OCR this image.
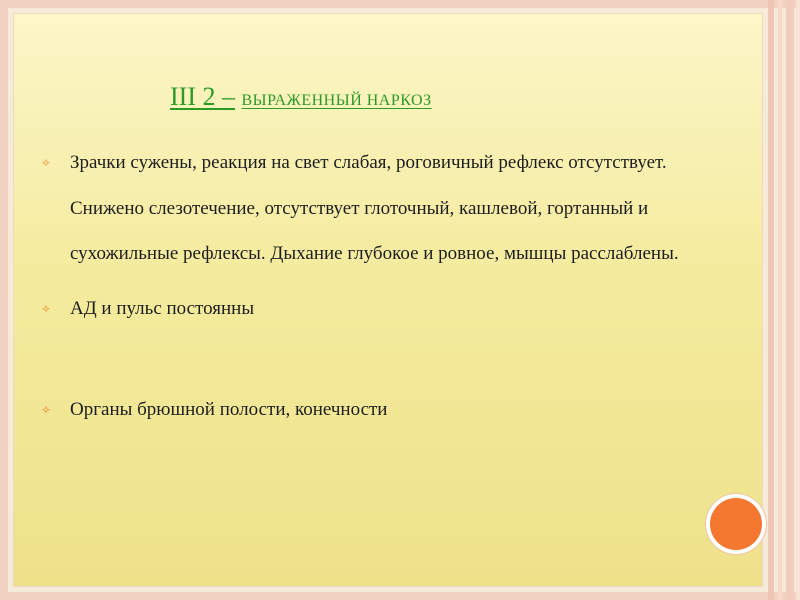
III 2 – ВЫРАЖЕННЫЙ НАРКОЗ
⟡ Зрачки сужены, реакция на свет слабая, роговичный рефлекс отсутствует. Снижено слезотечение, отсутствует глоточный, кашлевой, гортанный и сухожильные рефлексы. Дыхание глубокое и ровное, мышцы расслаблены.
⟡ АД и пульс постоянны
⟡ Органы брюшной полости, конечности
